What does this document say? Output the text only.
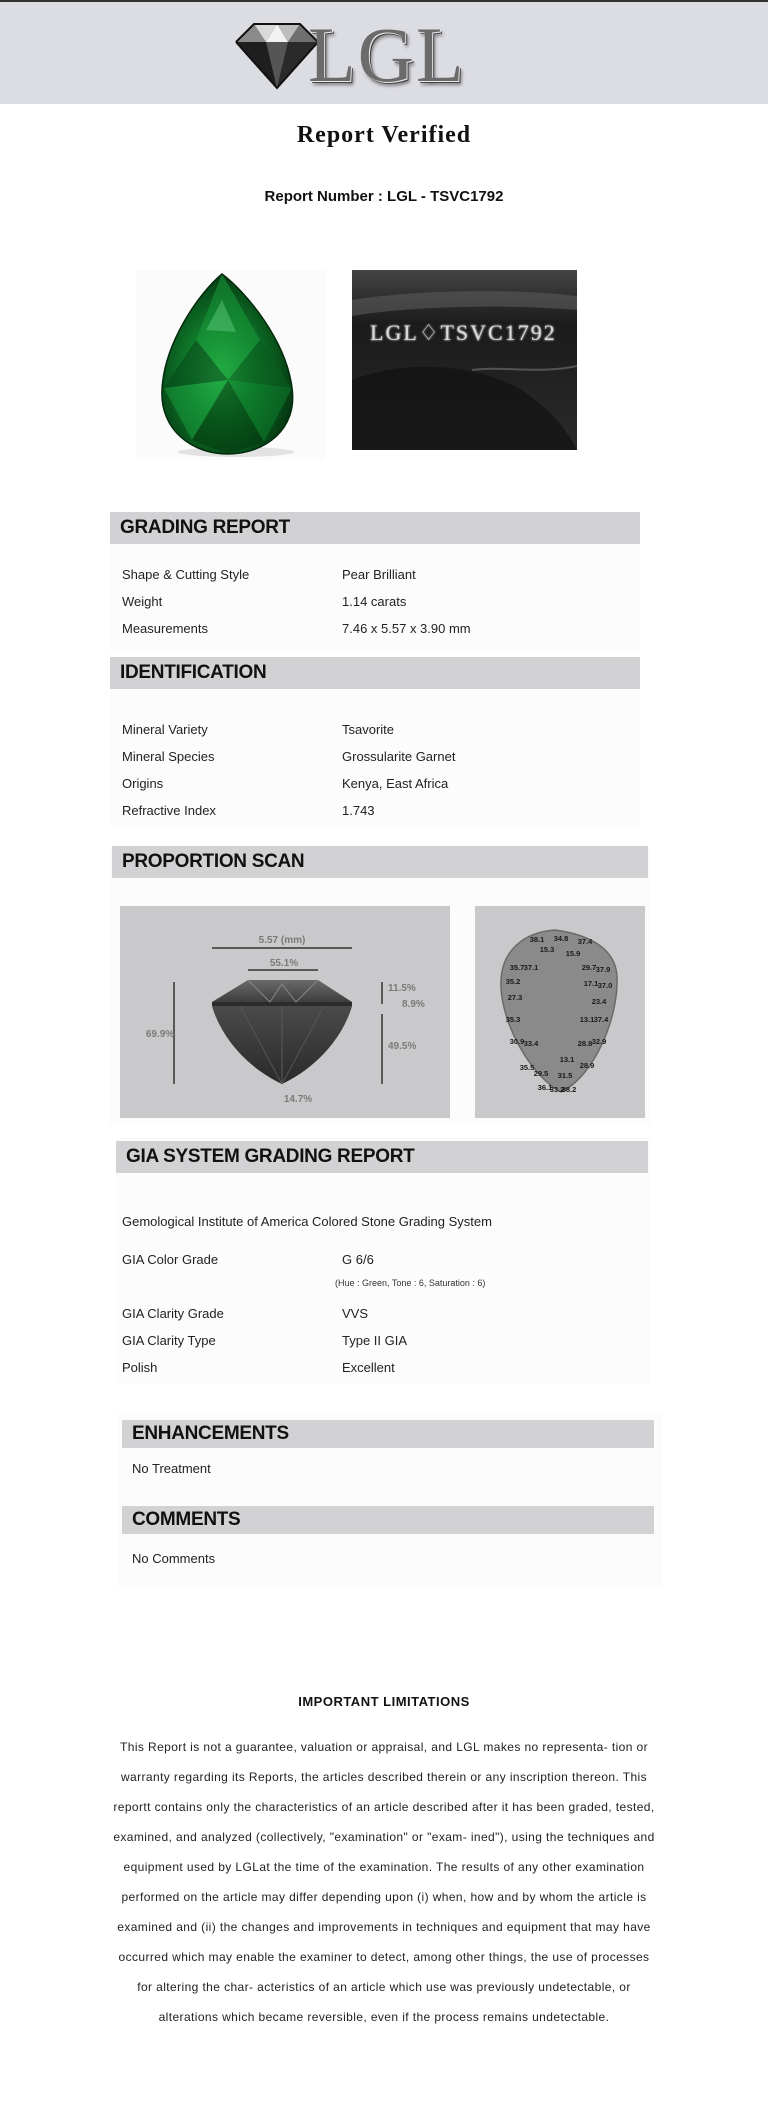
LGL
Report Verified
Report Number : LGL - TSVC1792
LGL♢TSVC1792
GRADING REPORT
Shape & Cutting Style	Pear Brilliant
Weight	1.14 carats
Measurements	7.46 x 5.57 x 3.90 mm
IDENTIFICATION
Mineral Variety	Tsavorite
Mineral Species	Grossularite Garnet
Origins	Kenya, East Africa
Refractive Index	1.743
PROPORTION SCAN
5.57 (mm)
55.1%
69.9%
11.5%
8.9%
49.5%
14.7%
38.1 34.8 37.4
15.3 15.9
35.7 37.1	29.7 37.9
35.2	17.1 37.0
27.3	23.4
13.1 37.4
35.3
30.9 33.4	28.8 32.9
13.1
35.5	28.9
29.5 31.5
36.1
33.2
38.2
GIA SYSTEM GRADING REPORT
Gemological Institute of America Colored Stone Grading System
GIA Color Grade	G 6/6
(Hue : Green, Tone : 6, Saturation : 6)
GIA Clarity Grade	VVS
GIA Clarity Type	Type II GIA
Polish	Excellent
ENHANCEMENTS
No Treatment
COMMENTS
No Comments
IMPORTANT LIMITATIONS
This Report is not a guarantee, valuation or appraisal, and LGL makes no representa- tion or warranty regarding its Reports, the articles described therein or any inscription thereon. This reportt contains only the characteristics of an article described after it has been graded, tested, examined, and analyzed (collectively, "examination" or "exam- ined"), using the techniques and equipment used by LGLat the time of the examination. The results of any other examination performed on the article may differ depending upon (i) when, how and by whom the article is examined and (ii) the changes and improvements in techniques and equipment that may have occurred which may enable the examiner to detect, among other things, the use of processes for altering the char- acteristics of an article which use was previously undetectable, or alterations which became reversible, even if the process remains undetectable.
